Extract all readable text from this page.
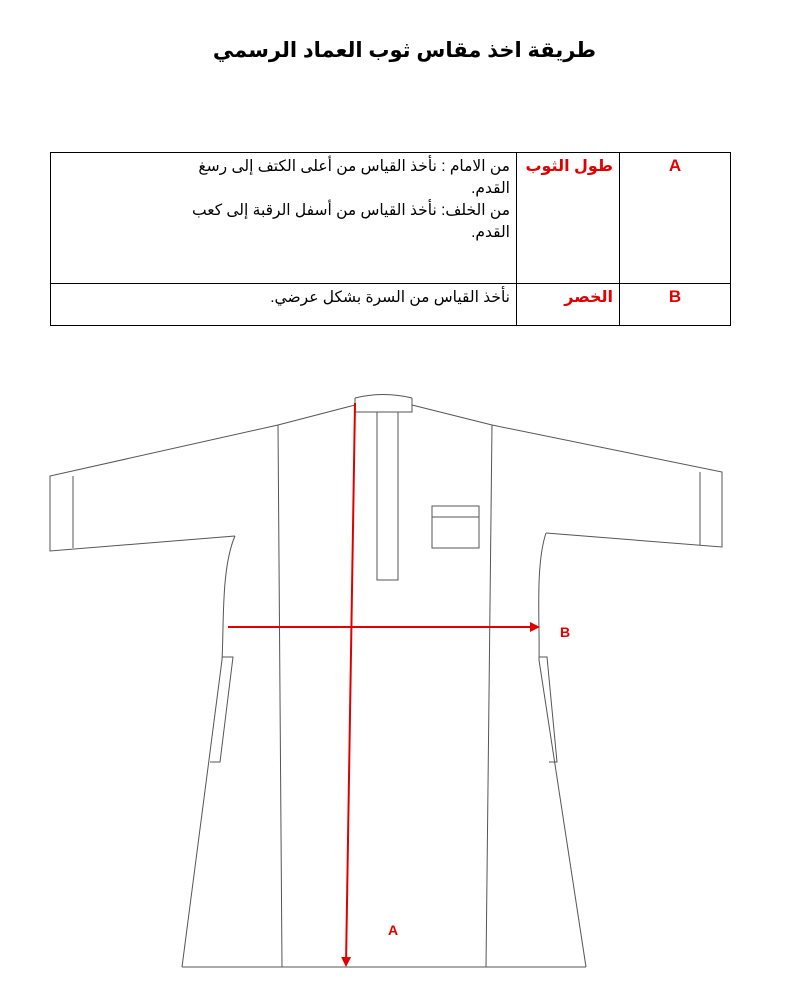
طريقة اخذ مقاس ثوب العماد الرسمي
A	طول الثوب	من الامام : نأخذ القياس من أعلى الكتف إلى رسغ
القدم.
من الخلف: نأخذ القياس من أسفل الرقبة إلى كعب
القدم.

B	الخصر	نأخذ القياس من السرة بشكل عرضي.
B
A
